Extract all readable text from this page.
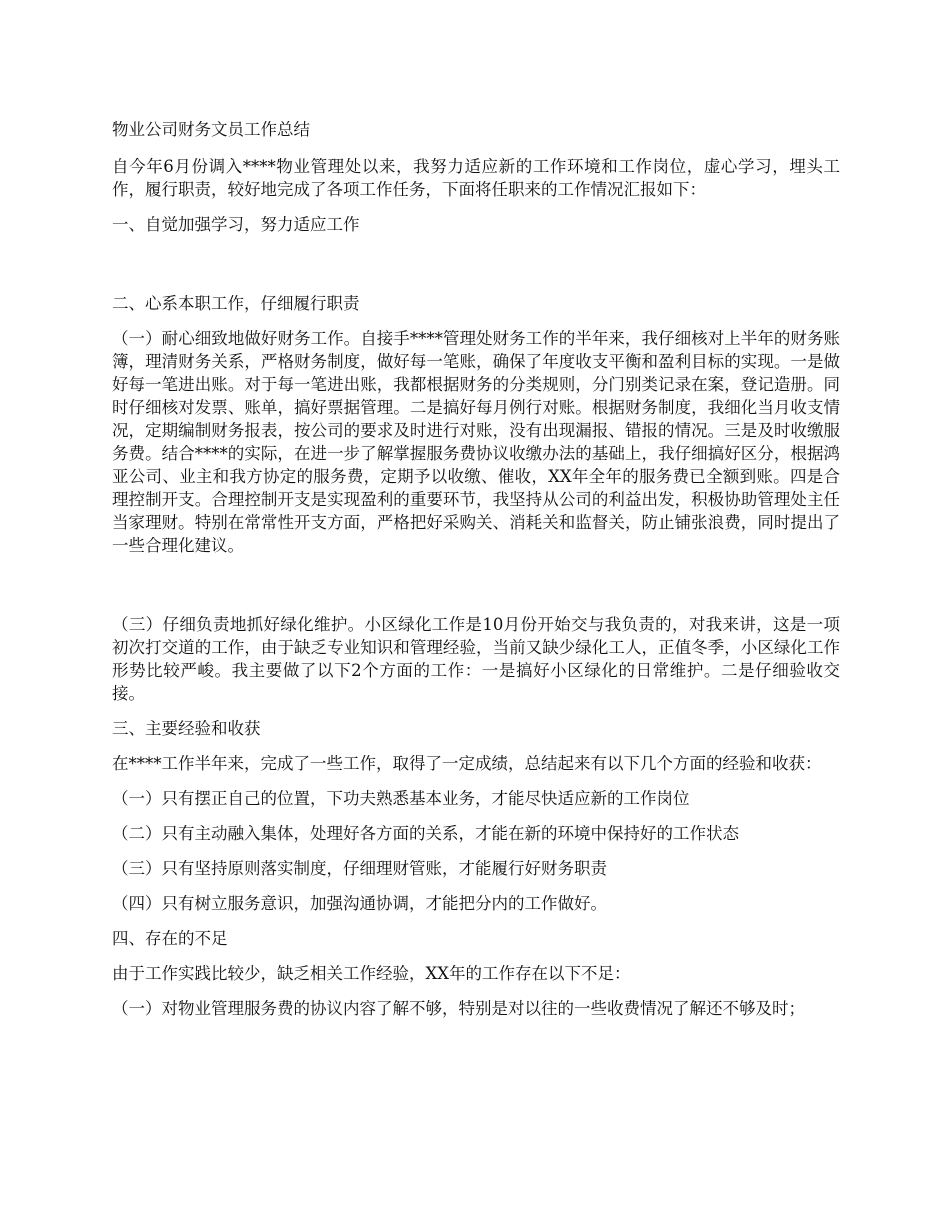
物业公司财务文员工作总结

自今年6月份调入****物业管理处以来，我努力适应新的工作环境和工作岗位，虚心学习，埋头工作，履行职责，较好地完成了各项工作任务，下面将任职来的工作情况汇报如下：

一、自觉加强学习，努力适应工作

二、心系本职工作，仔细履行职责

（一）耐心细致地做好财务工作。自接手****管理处财务工作的半年来，我仔细核对上半年的财务账簿，理清财务关系，严格财务制度，做好每一笔账，确保了年度收支平衡和盈利目标的实现。一是做好每一笔进出账。对于每一笔进出账，我都根据财务的分类规则，分门别类记录在案，登记造册。同时仔细核对发票、账单，搞好票据管理。二是搞好每月例行对账。根据财务制度，我细化当月收支情况，定期编制财务报表，按公司的要求及时进行对账，没有出现漏报、错报的情况。三是及时收缴服务费。结合****的实际，在进一步了解掌握服务费协议收缴办法的基础上，我仔细搞好区分，根据鸿亚公司、业主和我方协定的服务费，定期予以收缴、催收，XX年全年的服务费已全额到账。四是合理控制开支。合理控制开支是实现盈利的重要环节，我坚持从公司的利益出发，积极协助管理处主任当家理财。特别在常常性开支方面，严格把好采购关、消耗关和监督关，防止铺张浪费，同时提出了一些合理化建议。

（三）仔细负责地抓好绿化维护。小区绿化工作是10月份开始交与我负责的，对我来讲，这是一项初次打交道的工作，由于缺乏专业知识和管理经验，当前又缺少绿化工人，正值冬季，小区绿化工作形势比较严峻。我主要做了以下2个方面的工作：一是搞好小区绿化的日常维护。二是仔细验收交接。

三、主要经验和收获

在****工作半年来，完成了一些工作，取得了一定成绩，总结起来有以下几个方面的经验和收获：

（一）只有摆正自己的位置，下功夫熟悉基本业务，才能尽快适应新的工作岗位

（二）只有主动融入集体，处理好各方面的关系，才能在新的环境中保持好的工作状态

（三）只有坚持原则落实制度，仔细理财管账，才能履行好财务职责

（四）只有树立服务意识，加强沟通协调，才能把分内的工作做好。

四、存在的不足

由于工作实践比较少，缺乏相关工作经验，XX年的工作存在以下不足：

（一）对物业管理服务费的协议内容了解不够，特别是对以往的一些收费情况了解还不够及时；
